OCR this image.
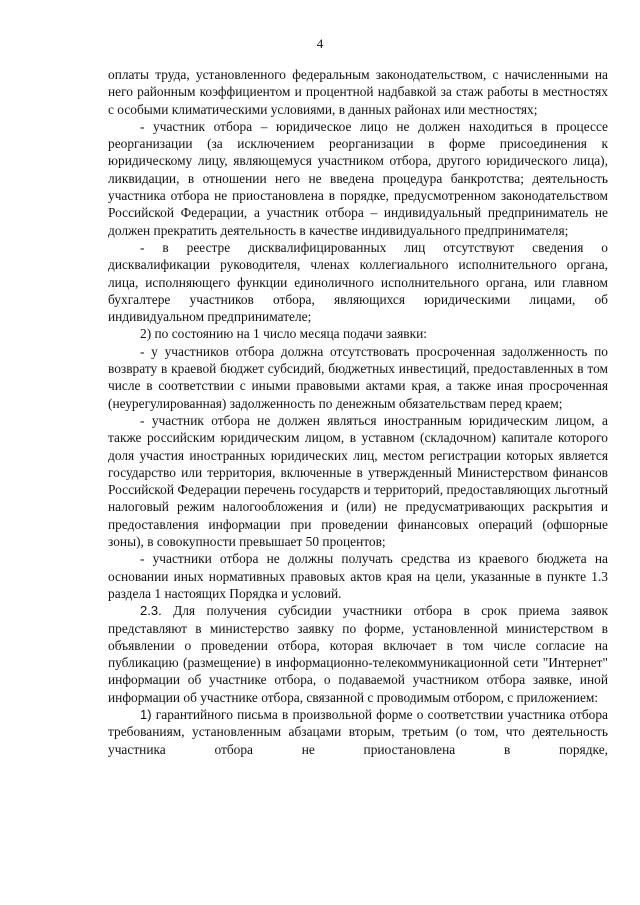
4

оплаты труда, установленного федеральным законодательством, с начисленными на него районным коэффициентом и процентной надбавкой за стаж работы в местностях с особыми климатическими условиями, в данных районах или местностях;

- участник отбора – юридическое лицо не должен находиться в процессе реорганизации (за исключением реорганизации в форме присоединения к юридическому лицу, являющемуся участником отбора, другого юридического лица), ликвидации, в отношении него не введена процедура банкротства; деятельность участника отбора не приостановлена в порядке, предусмотренном законодательством Российской Федерации, а участник отбора – индивидуальный предприниматель не должен прекратить деятельность в качестве индивидуального предпринимателя;

- в реестре дисквалифицированных лиц отсутствуют сведения о дисквалификации руководителя, членах коллегиального исполнительного органа, лица, исполняющего функции единоличного исполнительного органа, или главном бухгалтере участников отбора, являющихся юридическими лицами, об индивидуальном предпринимателе;

2) по состоянию на 1 число месяца подачи заявки:

- у участников отбора должна отсутствовать просроченная задолженность по возврату в краевой бюджет субсидий, бюджетных инвестиций, предоставленных в том числе в соответствии с иными правовыми актами края, а также иная просроченная (неурегулированная) задолженность по денежным обязательствам перед краем;

- участник отбора не должен являться иностранным юридическим лицом, а также российским юридическим лицом, в уставном (складочном) капитале которого доля участия иностранных юридических лиц, местом регистрации которых является государство или территория, включенные в утвержденный Министерством финансов Российской Федерации перечень государств и территорий, предоставляющих льготный налоговый режим налогообложения и (или) не предусматривающих раскрытия и предоставления информации при проведении финансовых операций (офшорные зоны), в совокупности превышает 50 процентов;

- участники отбора не должны получать средства из краевого бюджета на основании иных нормативных правовых актов края на цели, указанные в пункте 1.3 раздела 1 настоящих Порядка и условий.

2.3. Для получения субсидии участники отбора в срок приема заявок представляют в министерство заявку по форме, установленной министерством в объявлении о проведении отбора, которая включает в том числе согласие на публикацию (размещение) в информационно-телекоммуникационной сети "Интернет" информации об участнике отбора, о подаваемой участником отбора заявке, иной информации об участнике отбора, связанной с проводимым отбором, с приложением:

1) гарантийного письма в произвольной форме о соответствии участника отбора требованиям, установленным абзацами вторым, третьим (о том, что деятельность участника отбора не приостановлена в порядке,
